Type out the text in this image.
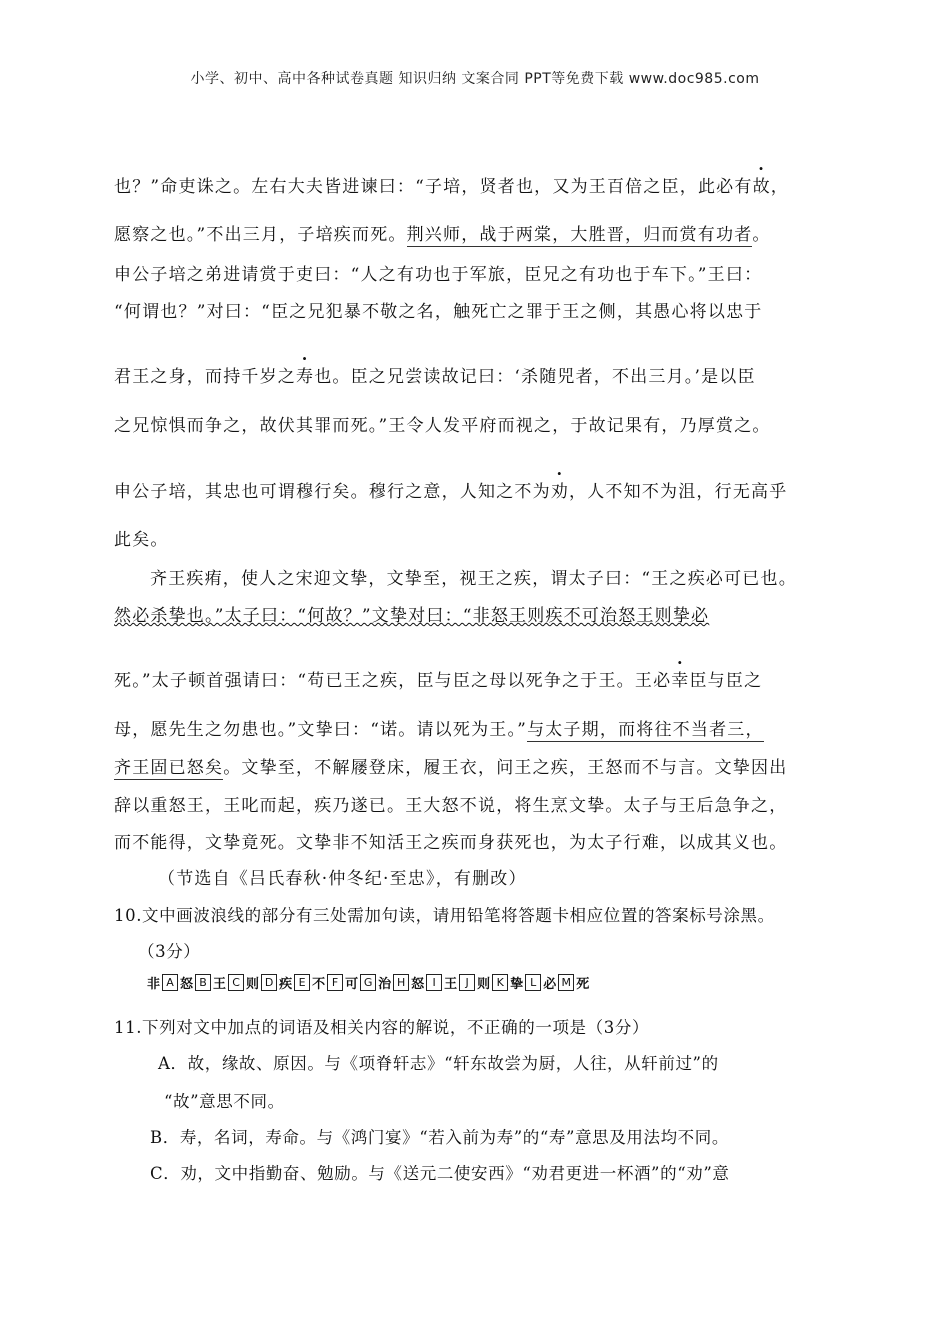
小学、初中、高中各种试卷真题 知识归纳 文案合同 PPT等免费下载 www.doc985.com
也？”命吏诛之。左右大夫皆进谏曰：“子培，贤者也，又为王百倍之臣，此必有故，
愿察之也。”不出三月，子培疾而死。荆兴师，战于两棠，大胜晋，归而赏有功者。
申公子培之弟进请赏于吏曰：“人之有功也于军旅，臣兄之有功也于车下。”王曰：
“何谓也？”对曰：“臣之兄犯暴不敬之名，触死亡之罪于王之侧，其愚心将以忠于
君王之身，而持千岁之寿也。臣之兄尝读故记曰：‘杀随兕者，不出三月。’是以臣
之兄惊惧而争之，故伏其罪而死。”王令人发平府而视之，于故记果有，乃厚赏之。
申公子培，其忠也可谓穆行矣。穆行之意，人知之不为劝，人不知不为沮，行无高乎
此矣。
齐王疾痏，使人之宋迎文挚，文挚至，视王之疾，谓太子曰：“王之疾必可已也。
然必杀挚也。”太子曰：“何故？”文挚对曰：“非怒王则疾不可治怒王则挚必
死。”太子顿首强请曰：“苟已王之疾，臣与臣之母以死争之于王。王必幸臣与臣之
母，愿先生之勿患也。”文挚曰：“诺。请以死为王。”与太子期，而将往不当者三，
齐王固已怒矣。文挚至，不解屦登床，履王衣，问王之疾，王怒而不与言。文挚因出
辞以重怒王，王叱而起，疾乃遂已。王大怒不说，将生烹文挚。太子与王后急争之，
而不能得，文挚竟死。文挚非不知活王之疾而身获死也，为太子行难，以成其义也。
（节选自《吕氏春秋·仲冬纪·至忠》，有删改）
10.文中画波浪线的部分有三处需加句读，请用铅笔将答题卡相应位置的答案标号涂黑。
（3分）
非 A 怒 B 王 C 则 D 疾 E 不 F 可 G 治 H 怒 I 王 J 则 K 挚 L 必 M 死
11.下列对文中加点的词语及相关内容的解说，不正确的一项是（3分）
A．故，缘故、原因。与《项脊轩志》“轩东故尝为厨，人往，从轩前过”的
“故”意思不同。
B．寿，名词，寿命。与《鸿门宴》“若入前为寿”的“寿”意思及用法均不同。
C．劝，文中指勤奋、勉励。与《送元二使安西》“劝君更进一杯酒”的“劝”意
